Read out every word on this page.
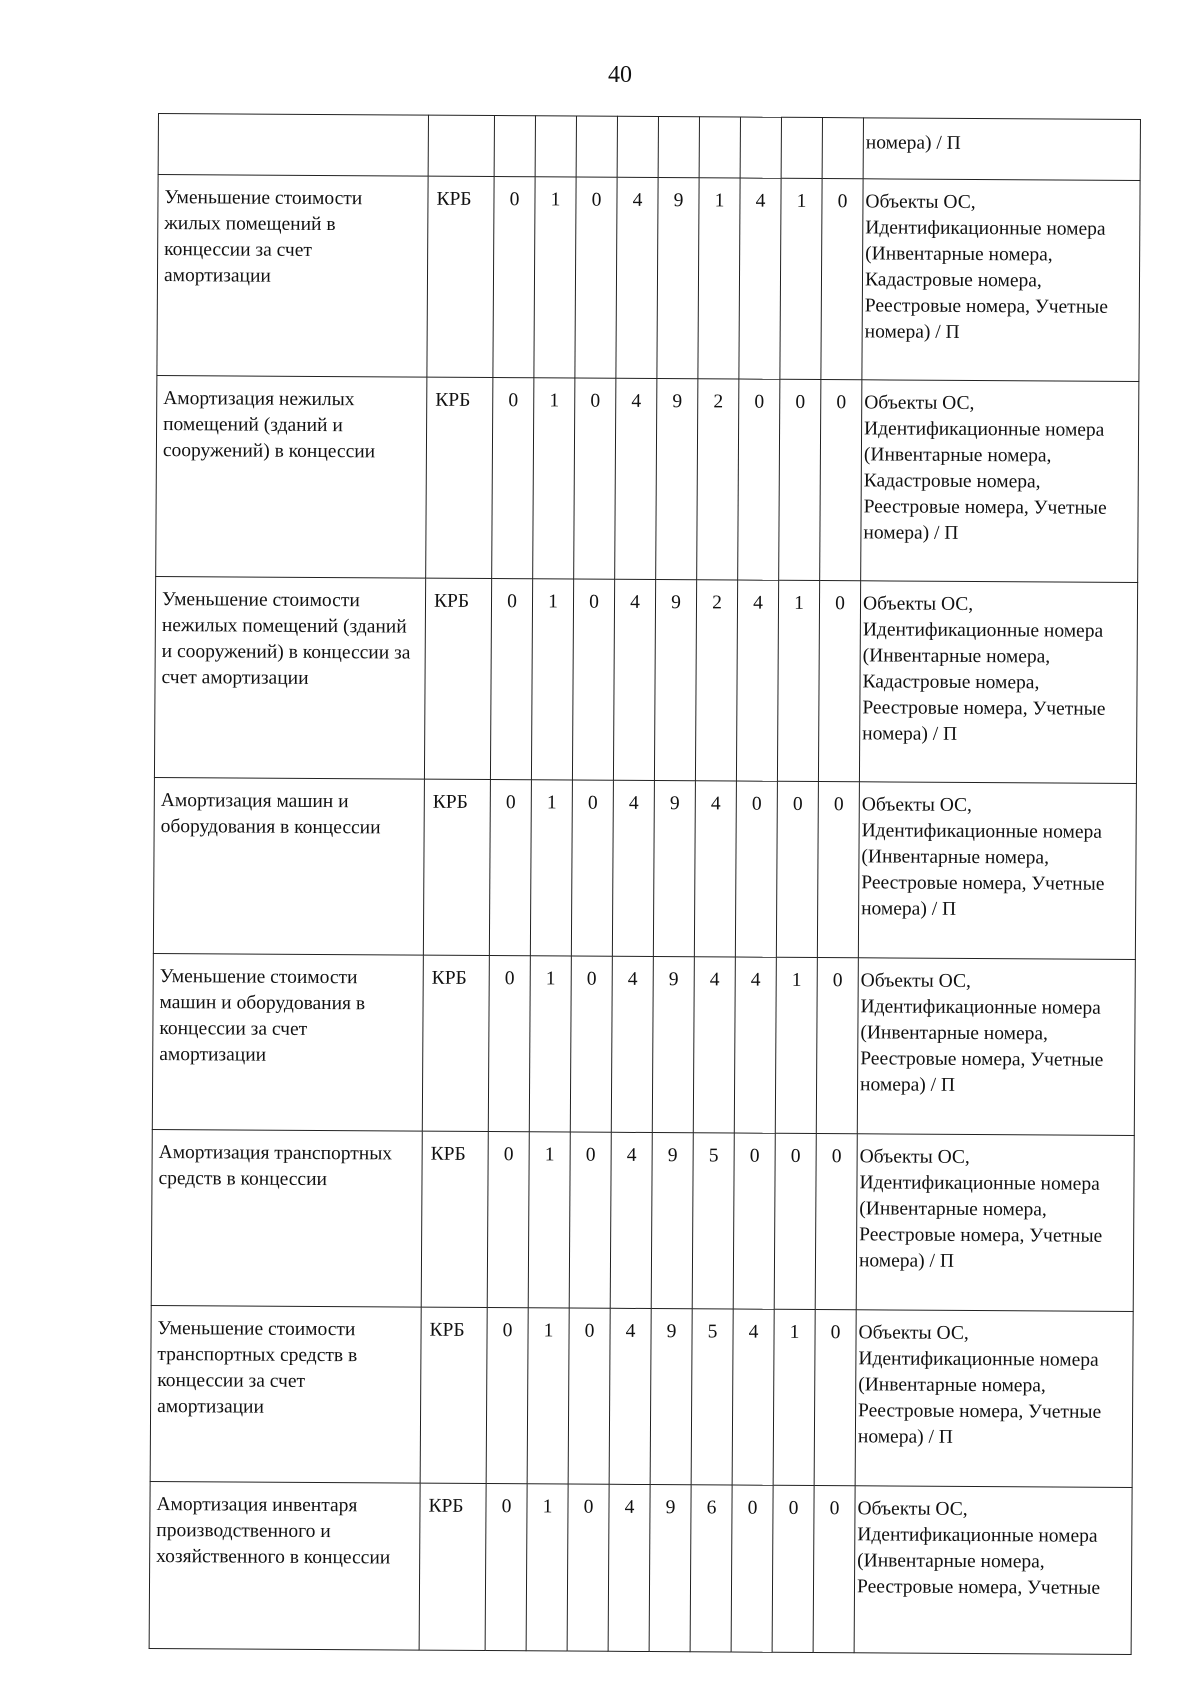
40
											номера) / П
Уменьшение стоимости жилых помещений в концессии за счет амортизации	КРБ	0	1	0	4	9	1	4	1	0	Объекты ОС, Идентификационные номера (Инвентарные номера, Кадастровые номера, Реестровые номера, Учетные номера) / П
Амортизация нежилых помещений (зданий и сооружений) в концессии	КРБ	0	1	0	4	9	2	0	0	0	Объекты ОС, Идентификационные номера (Инвентарные номера, Кадастровые номера, Реестровые номера, Учетные номера) / П
Уменьшение стоимости нежилых помещений (зданий и сооружений) в концессии за счет амортизации	КРБ	0	1	0	4	9	2	4	1	0	Объекты ОС, Идентификационные номера (Инвентарные номера, Кадастровые номера, Реестровые номера, Учетные номера) / П
Амортизация машин и оборудования в концессии	КРБ	0	1	0	4	9	4	0	0	0	Объекты ОС, Идентификационные номера (Инвентарные номера, Реестровые номера, Учетные номера) / П
Уменьшение стоимости машин и оборудования в концессии за счет амортизации	КРБ	0	1	0	4	9	4	4	1	0	Объекты ОС, Идентификационные номера (Инвентарные номера, Реестровые номера, Учетные номера) / П
Амортизация транспортных средств в концессии	КРБ	0	1	0	4	9	5	0	0	0	Объекты ОС, Идентификационные номера (Инвентарные номера, Реестровые номера, Учетные номера) / П
Уменьшение стоимости транспортных средств в концессии за счет амортизации	КРБ	0	1	0	4	9	5	4	1	0	Объекты ОС, Идентификационные номера (Инвентарные номера, Реестровые номера, Учетные номера) / П
Амортизация инвентаря производственного и хозяйственного в концессии	КРБ	0	1	0	4	9	6	0	0	0	Объекты ОС, Идентификационные номера (Инвентарные номера, Реестровые номера, Учетные
